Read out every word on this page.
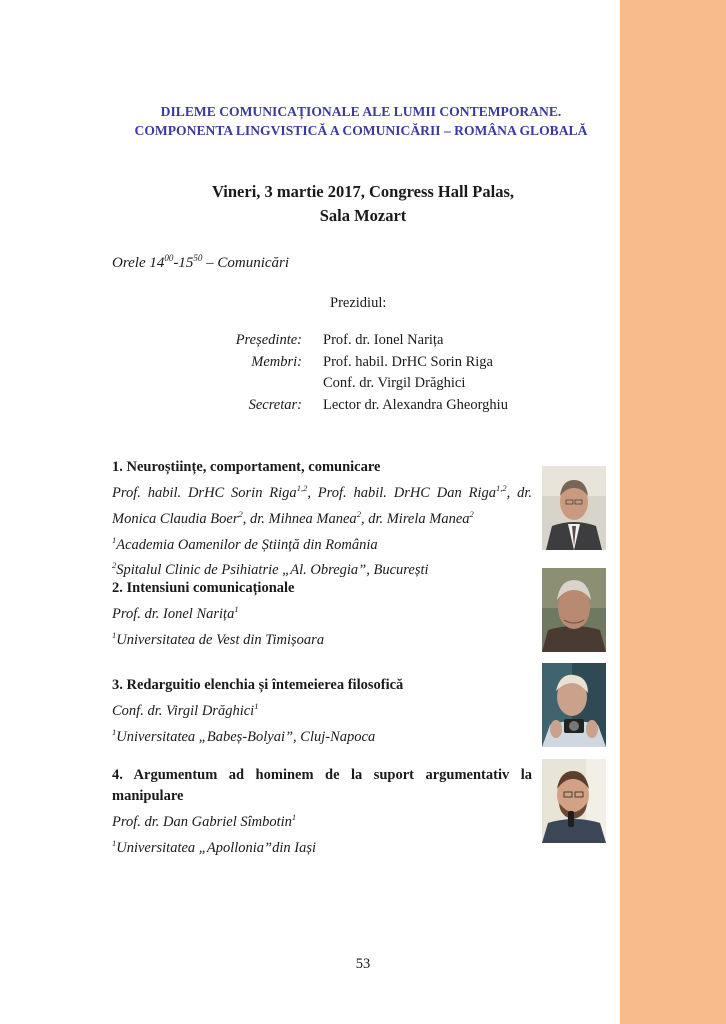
DILEME COMUNICAȚIONALE ALE LUMII CONTEMPORANE.
COMPONENTA LINGVISTICĂ A COMUNICĂRII – ROMÂNA GLOBALĂ
Vineri, 3 martie 2017, Congress Hall Palas,
Sala Mozart
Orele $14^{00}-15^{50}$ – Comunicări
Prezidiul:
Președinte:	Prof. dr. Ionel Narița
Membri:	Prof. habil. DrHC Sorin Riga
Conf. dr. Virgil Drăghici
Secretar:	Lector dr. Alexandra Gheorghiu
1. Neuroștiințe, comportament, comunicare
Prof. habil. DrHC Sorin Riga$^{1,2}$, Prof. habil. DrHC Dan Riga$^{1,2}$, dr. Monica Claudia Boer$^2$, dr. Mihnea Manea$^2$, dr. Mirela Manea$^2$
$^1$Academia Oamenilor de Știință din România
$^2$Spitalul Clinic de Psihiatrie „Al. Obregia”, București
2. Intensiuni comunicaționale
Prof. dr. Ionel Narița$^1$
$^1$Universitatea de Vest din Timișoara
3. Redarguitio elenchia și întemeierea filosofică
Conf. dr. Virgil Drăghici$^1$
$^1$Universitatea „Babeș-Bolyai”, Cluj-Napoca
4. Argumentum ad hominem de la suport argumentativ la manipulare
Prof. dr. Dan Gabriel Sîmbotin$^1$
$^1$Universitatea „Apollonia”din Iași
53
